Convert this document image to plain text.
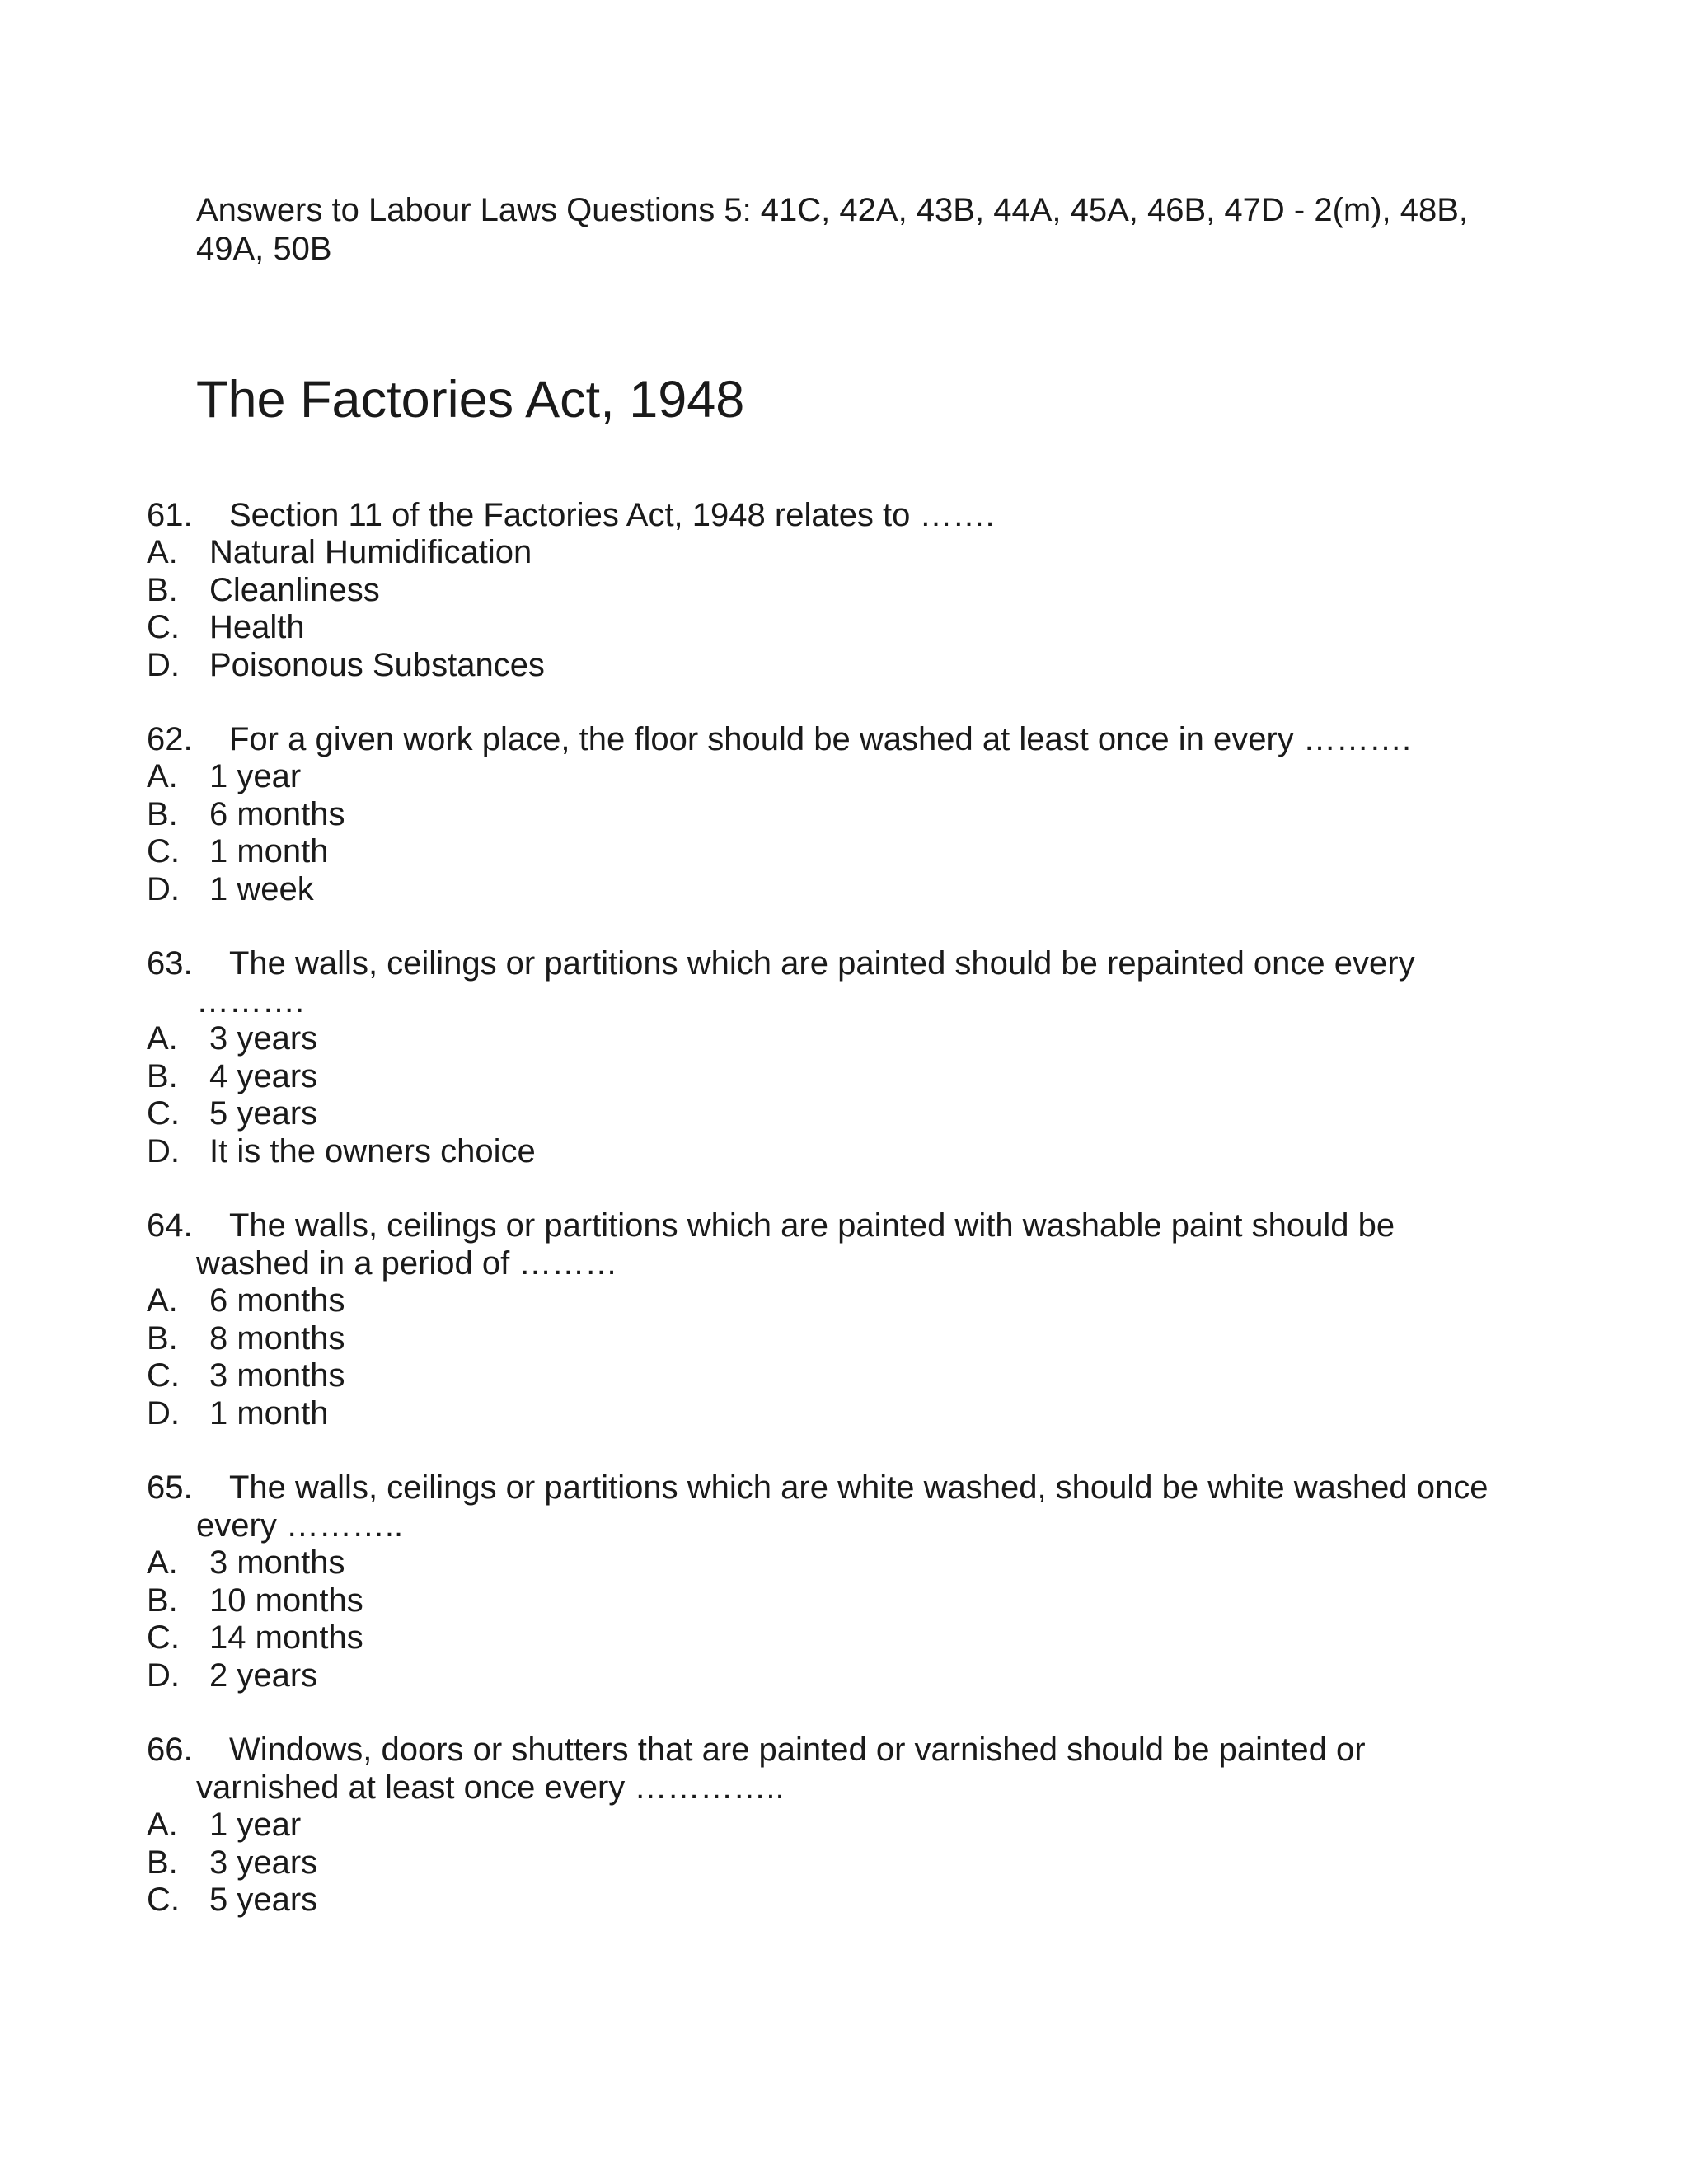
Answers to Labour Laws Questions 5: 41C, 42A, 43B, 44A, 45A, 46B, 47D - 2(m), 48B, 49A, 50B
The Factories Act, 1948
61.	Section 11 of the Factories Act, 1948 relates to …….
A. Natural Humidification
B. Cleanliness
C. Health
D. Poisonous Substances
62.	For a given work place, the floor should be washed at least once in every ……….
A. 1 year
B. 6 months
C. 1 month
D. 1 week
63.	The walls, ceilings or partitions which are painted should be repainted once every ……….
A. 3 years
B. 4 years
C. 5 years
D. It is the owners choice
64.	The walls, ceilings or partitions which are painted with washable paint should be washed in a period of ………
A. 6 months
B. 8 months
C. 3 months
D. 1 month
65.	The walls, ceilings or partitions which are white washed, should be white washed once every ………..
A. 3 months
B. 10 months
C. 14 months
D. 2 years
66.	Windows, doors or shutters that are painted or varnished should be painted or varnished at least once every …………..
A. 1 year
B. 3 years
C. 5 years
